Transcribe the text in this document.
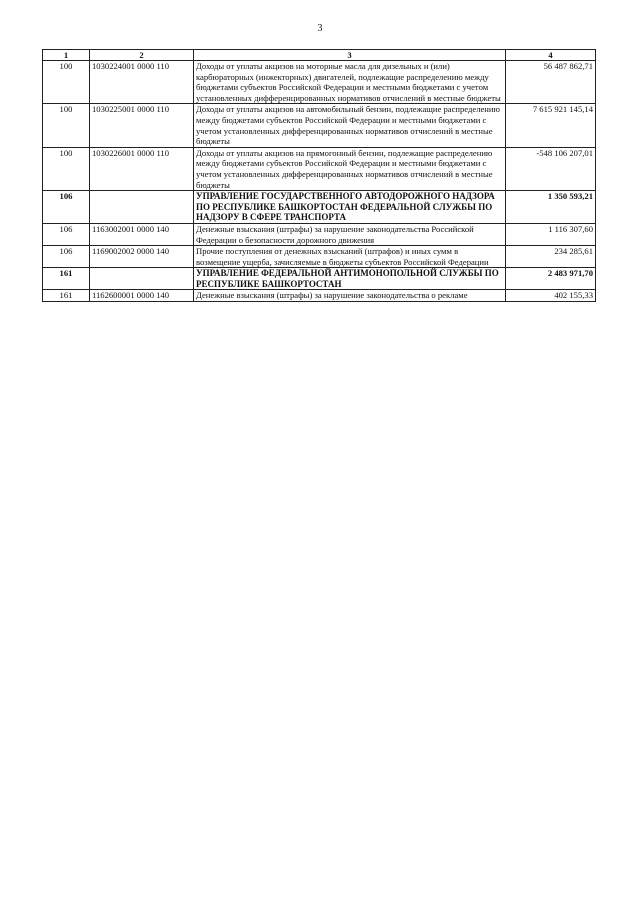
3
1	2	3	4
100	1030224001 0000 110	Доходы от уплаты акцизов на моторные масла для дизельных и (или) карбюраторных (инжекторных) двигателей, подлежащие распределению между бюджетами субъектов Российской Федерации и местными бюджетами с учетом установленных дифференцированных нормативов отчислений в местные бюджеты	56 487 862,71
100	1030225001 0000 110	Доходы от уплаты акцизов на автомобильный бензин, подлежащие распределению между бюджетами субъектов Российской Федерации и местными бюджетами с учетом установленных дифференцированных нормативов отчислений в местные бюджеты	7 615 921 145,14
100	1030226001 0000 110	Доходы от уплаты акцизов на прямогонный бензин, подлежащие распределению между бюджетами субъектов Российской Федерации и местными бюджетами с учетом установленных дифференцированных нормативов отчислений в местные бюджеты	-548 106 207,01
106		УПРАВЛЕНИЕ ГОСУДАРСТВЕННОГО АВТОДОРОЖНОГО НАДЗОРА ПО РЕСПУБЛИКЕ БАШКОРТОСТАН ФЕДЕРАЛЬНОЙ СЛУЖБЫ ПО НАДЗОРУ В СФЕРЕ ТРАНСПОРТА	1 350 593,21
106	1163002001 0000 140	Денежные взыскания (штрафы) за нарушение законодательства Российской Федерации о безопасности дорожного движения	1 116 307,60
106	1169002002 0000 140	Прочие поступления от денежных взысканий (штрафов) и иных сумм в возмещение ущерба, зачисляемые в бюджеты субъектов Российской Федерации	234 285,61
161		УПРАВЛЕНИЕ ФЕДЕРАЛЬНОЙ АНТИМОНОПОЛЬНОЙ СЛУЖБЫ ПО РЕСПУБЛИКЕ БАШКОРТОСТАН	2 483 971,70
161	1162600001 0000 140	Денежные взыскания (штрафы) за нарушение законодательства о рекламе	402 155,33
